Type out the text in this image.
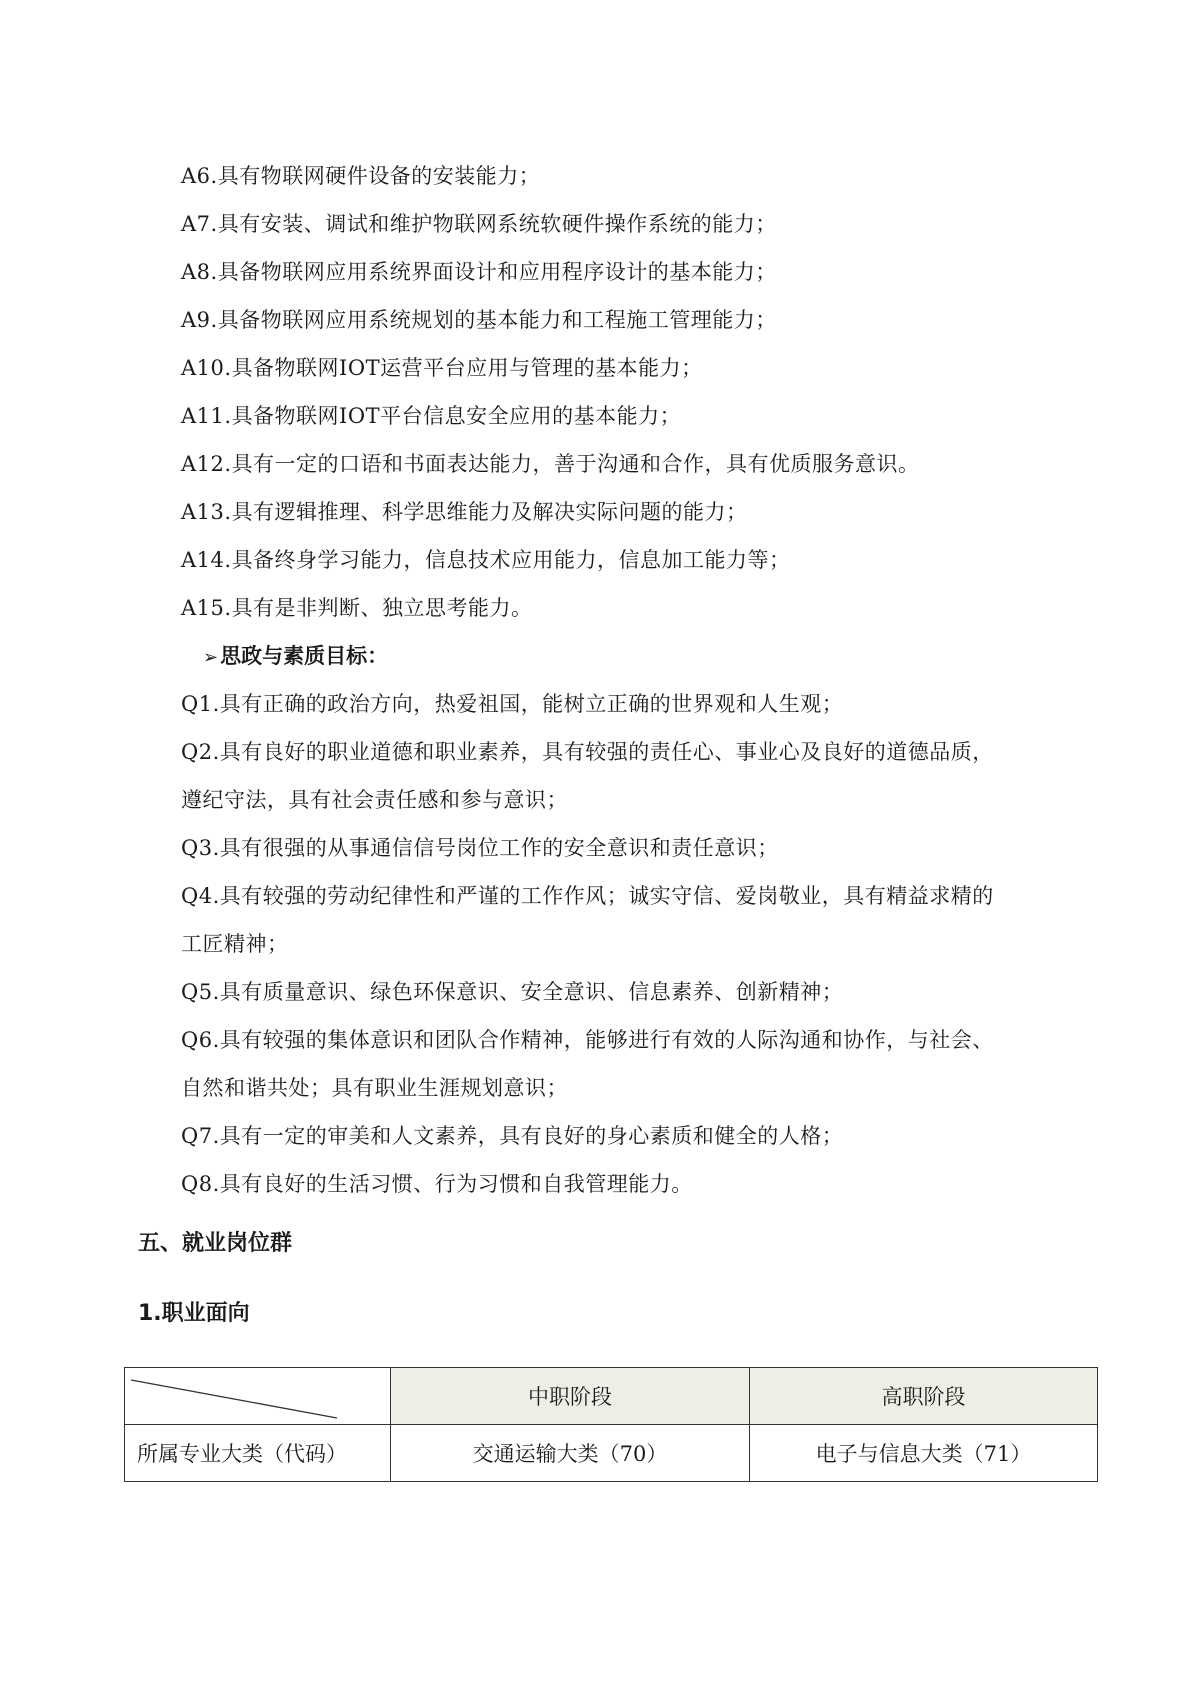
A6.具有物联网硬件设备的安装能力；
A7.具有安装、调试和维护物联网系统软硬件操作系统的能力；
A8.具备物联网应用系统界面设计和应用程序设计的基本能力；
A9.具备物联网应用系统规划的基本能力和工程施工管理能力；
A10.具备物联网IOT运营平台应用与管理的基本能力；
A11.具备物联网IOT平台信息安全应用的基本能力；
A12.具有一定的口语和书面表达能力，善于沟通和合作，具有优质服务意识。
A13.具有逻辑推理、科学思维能力及解决实际问题的能力；
A14.具备终身学习能力，信息技术应用能力，信息加工能力等；
A15.具有是非判断、独立思考能力。
➢思政与素质目标：
Q1.具有正确的政治方向，热爱祖国，能树立正确的世界观和人生观；
Q2.具有良好的职业道德和职业素养，具有较强的责任心、事业心及良好的道德品质，
遵纪守法，具有社会责任感和参与意识；
Q3.具有很强的从事通信信号岗位工作的安全意识和责任意识；
Q4.具有较强的劳动纪律性和严谨的工作作风；诚实守信、爱岗敬业，具有精益求精的
工匠精神；
Q5.具有质量意识、绿色环保意识、安全意识、信息素养、创新精神；
Q6.具有较强的集体意识和团队合作精神，能够进行有效的人际沟通和协作，与社会、
自然和谐共处；具有职业生涯规划意识；
Q7.具有一定的审美和人文素养，具有良好的身心素质和健全的人格；
Q8.具有良好的生活习惯、行为习惯和自我管理能力。
五、就业岗位群
1.职业面向
	中职阶段	高职阶段
所属专业大类（代码）	交通运输大类（70）	电子与信息大类（71）
